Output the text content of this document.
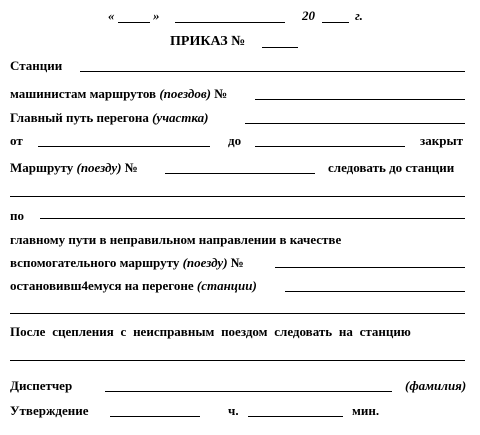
«	»	20	г.
ПРИКАЗ №
Станции
машинистам маршрутов (поездов) №
Главный путь перегона (участка)
от	до	закрыт
Маршруту (поезду) №	следовать до станции
по
главному пути в неправильном направлении в качестве
вспомогательного маршруту (поезду) №
остановивш4емуся на перегоне (станции)
После сцепления с неисправным поездом следовать на станцию
Диспетчер	(фамилия)
Утверждение	ч.	мин.
